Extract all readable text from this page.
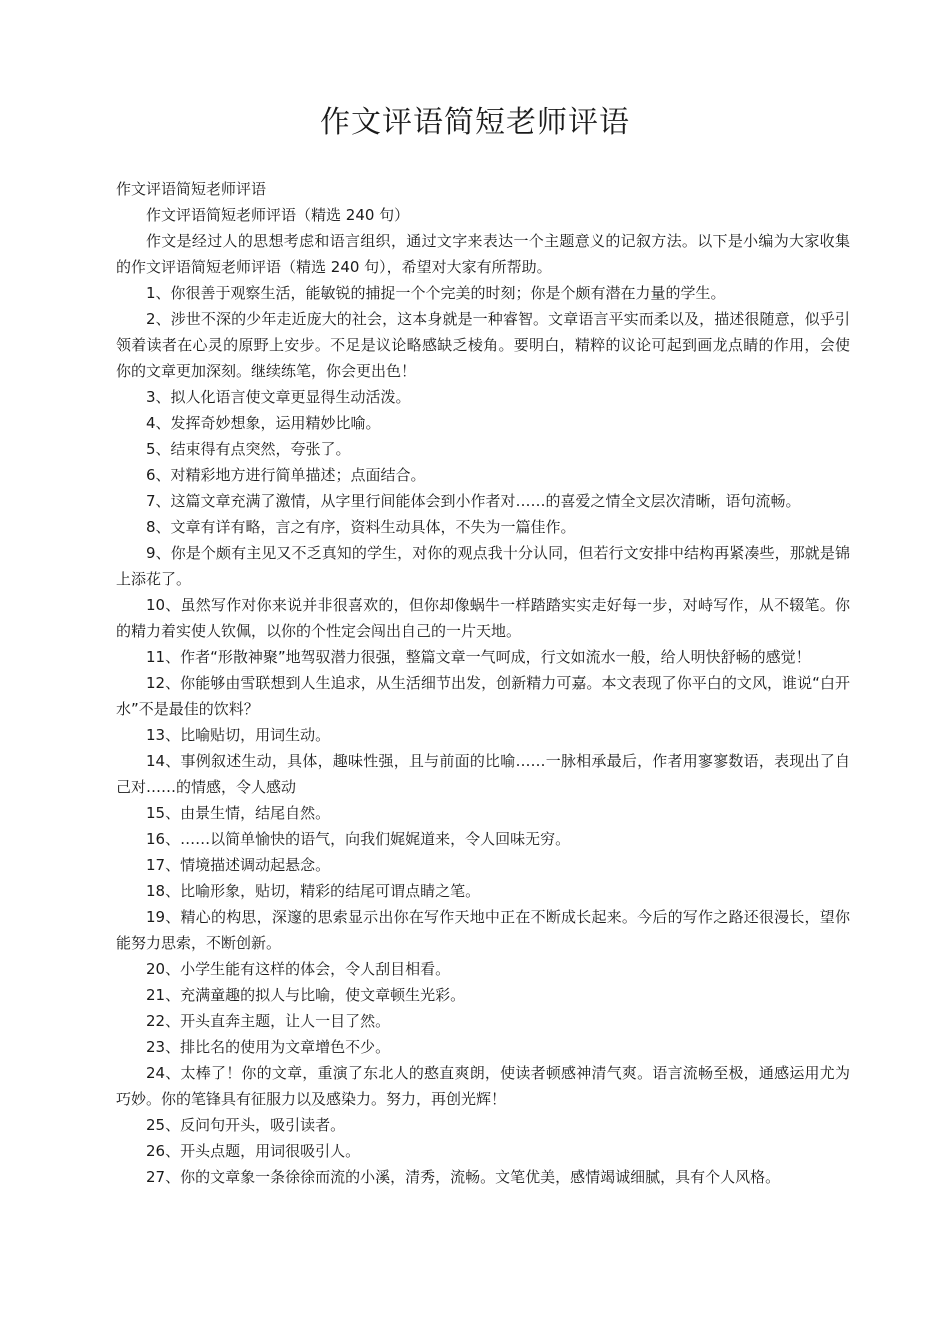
作文评语简短老师评语

作文评语简短老师评语

作文评语简短老师评语（精选 240 句）

作文是经过人的思想考虑和语言组织，通过文字来表达一个主题意义的记叙方法。以下是小编为大家收集的作文评语简短老师评语（精选 240 句），希望对大家有所帮助。

1、你很善于观察生活，能敏锐的捕捉一个个完美的时刻；你是个颇有潜在力量的学生。

2、涉世不深的少年走近庞大的社会，这本身就是一种睿智。文章语言平实而柔以及，描述很随意，似乎引领着读者在心灵的原野上安步。不足是议论略感缺乏棱角。要明白，精粹的议论可起到画龙点睛的作用，会使你的文章更加深刻。继续练笔，你会更出色！

3、拟人化语言使文章更显得生动活泼。

4、发挥奇妙想象，运用精妙比喻。

5、结束得有点突然，夸张了。

6、对精彩地方进行简单描述；点面结合。

7、这篇文章充满了激情，从字里行间能体会到小作者对……的喜爱之情全文层次清晰，语句流畅。

8、文章有详有略，言之有序，资料生动具体，不失为一篇佳作。

9、你是个颇有主见又不乏真知的学生，对你的观点我十分认同，但若行文安排中结构再紧凑些，那就是锦上添花了。

10、虽然写作对你来说并非很喜欢的，但你却像蜗牛一样踏踏实实走好每一步，对峙写作，从不辍笔。你的精力着实使人钦佩，以你的个性定会闯出自己的一片天地。

11、作者“形散神聚”地驾驭潜力很强，整篇文章一气呵成，行文如流水一般，给人明快舒畅的感觉！

12、你能够由雪联想到人生追求，从生活细节出发，创新精力可嘉。本文表现了你平白的文风，谁说“白开水”不是最佳的饮料？

13、比喻贴切，用词生动。

14、事例叙述生动，具体，趣味性强，且与前面的比喻……一脉相承最后，作者用寥寥数语，表现出了自己对……的情感，令人感动

15、由景生情，结尾自然。

16、……以简单愉快的语气，向我们娓娓道来，令人回味无穷。

17、情境描述调动起悬念。

18、比喻形象，贴切，精彩的结尾可谓点睛之笔。

19、精心的构思，深邃的思索显示出你在写作天地中正在不断成长起来。今后的写作之路还很漫长，望你能努力思索，不断创新。

20、小学生能有这样的体会，令人刮目相看。

21、充满童趣的拟人与比喻，使文章顿生光彩。

22、开头直奔主题，让人一目了然。

23、排比名的使用为文章增色不少。

24、太棒了！你的文章，重演了东北人的憨直爽朗，使读者顿感神清气爽。语言流畅至极，通感运用尤为巧妙。你的笔锋具有征服力以及感染力。努力，再创光辉！

25、反问句开头，吸引读者。

26、开头点题，用词很吸引人。

27、你的文章象一条徐徐而流的小溪，清秀，流畅。文笔优美，感情竭诚细腻，具有个人风格。
